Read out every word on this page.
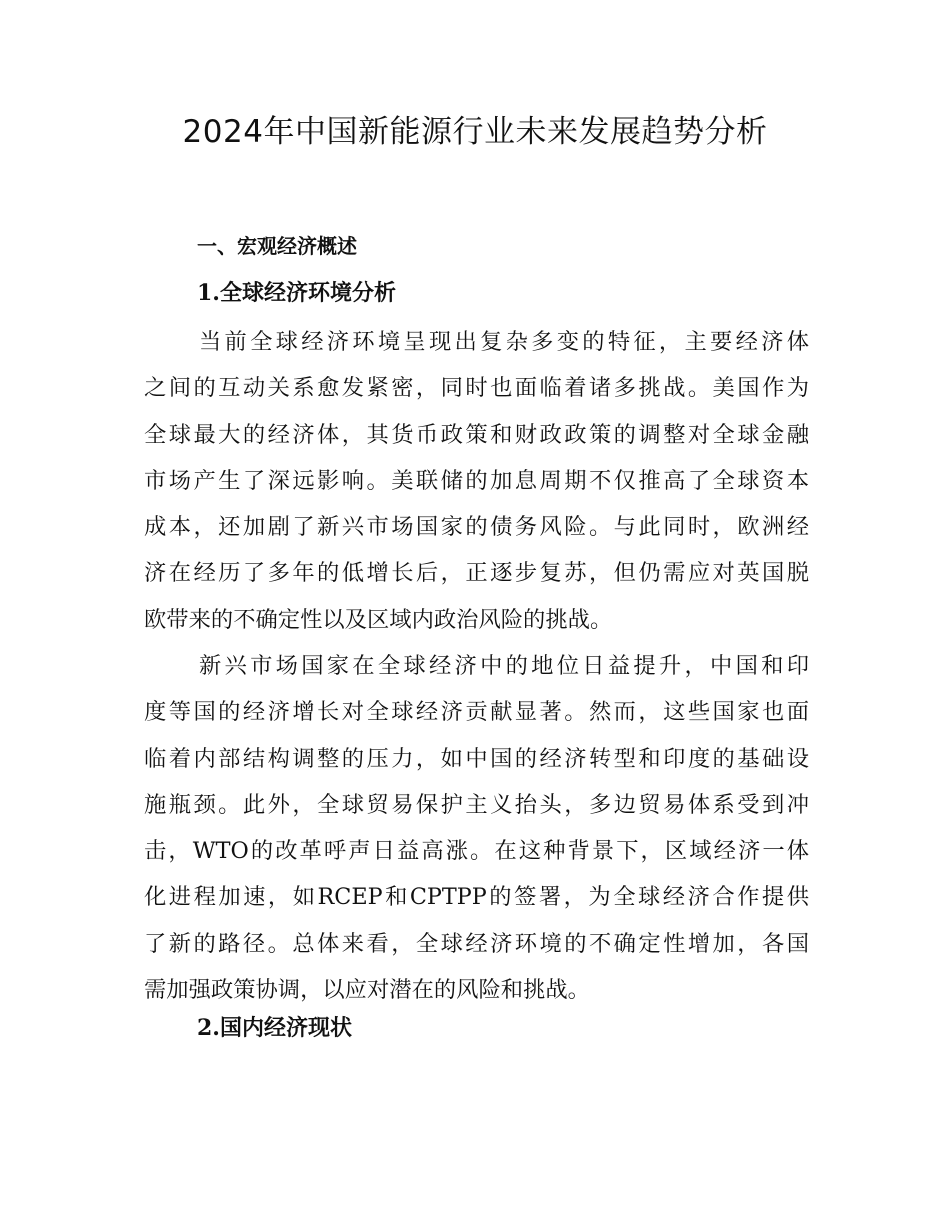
2024年中国新能源行业未来发展趋势分析
一、宏观经济概述
1.全球经济环境分析
当前全球经济环境呈现出复杂多变的特征，主要经济体
之间的互动关系愈发紧密，同时也面临着诸多挑战。美国作为
全球最大的经济体，其货币政策和财政政策的调整对全球金融
市场产生了深远影响。美联储的加息周期不仅推高了全球资本
成本，还加剧了新兴市场国家的债务风险。与此同时，欧洲经
济在经历了多年的低增长后，正逐步复苏，但仍需应对英国脱
欧带来的不确定性以及区域内政治风险的挑战。
新兴市场国家在全球经济中的地位日益提升，中国和印
度等国的经济增长对全球经济贡献显著。然而，这些国家也面
临着内部结构调整的压力，如中国的经济转型和印度的基础设
施瓶颈。此外，全球贸易保护主义抬头，多边贸易体系受到冲
击，WTO的改革呼声日益高涨。在这种背景下，区域经济一体
化进程加速，如RCEP和CPTPP的签署，为全球经济合作提供
了新的路径。总体来看，全球经济环境的不确定性增加，各国
需加强政策协调，以应对潜在的风险和挑战。
2.国内经济现状
